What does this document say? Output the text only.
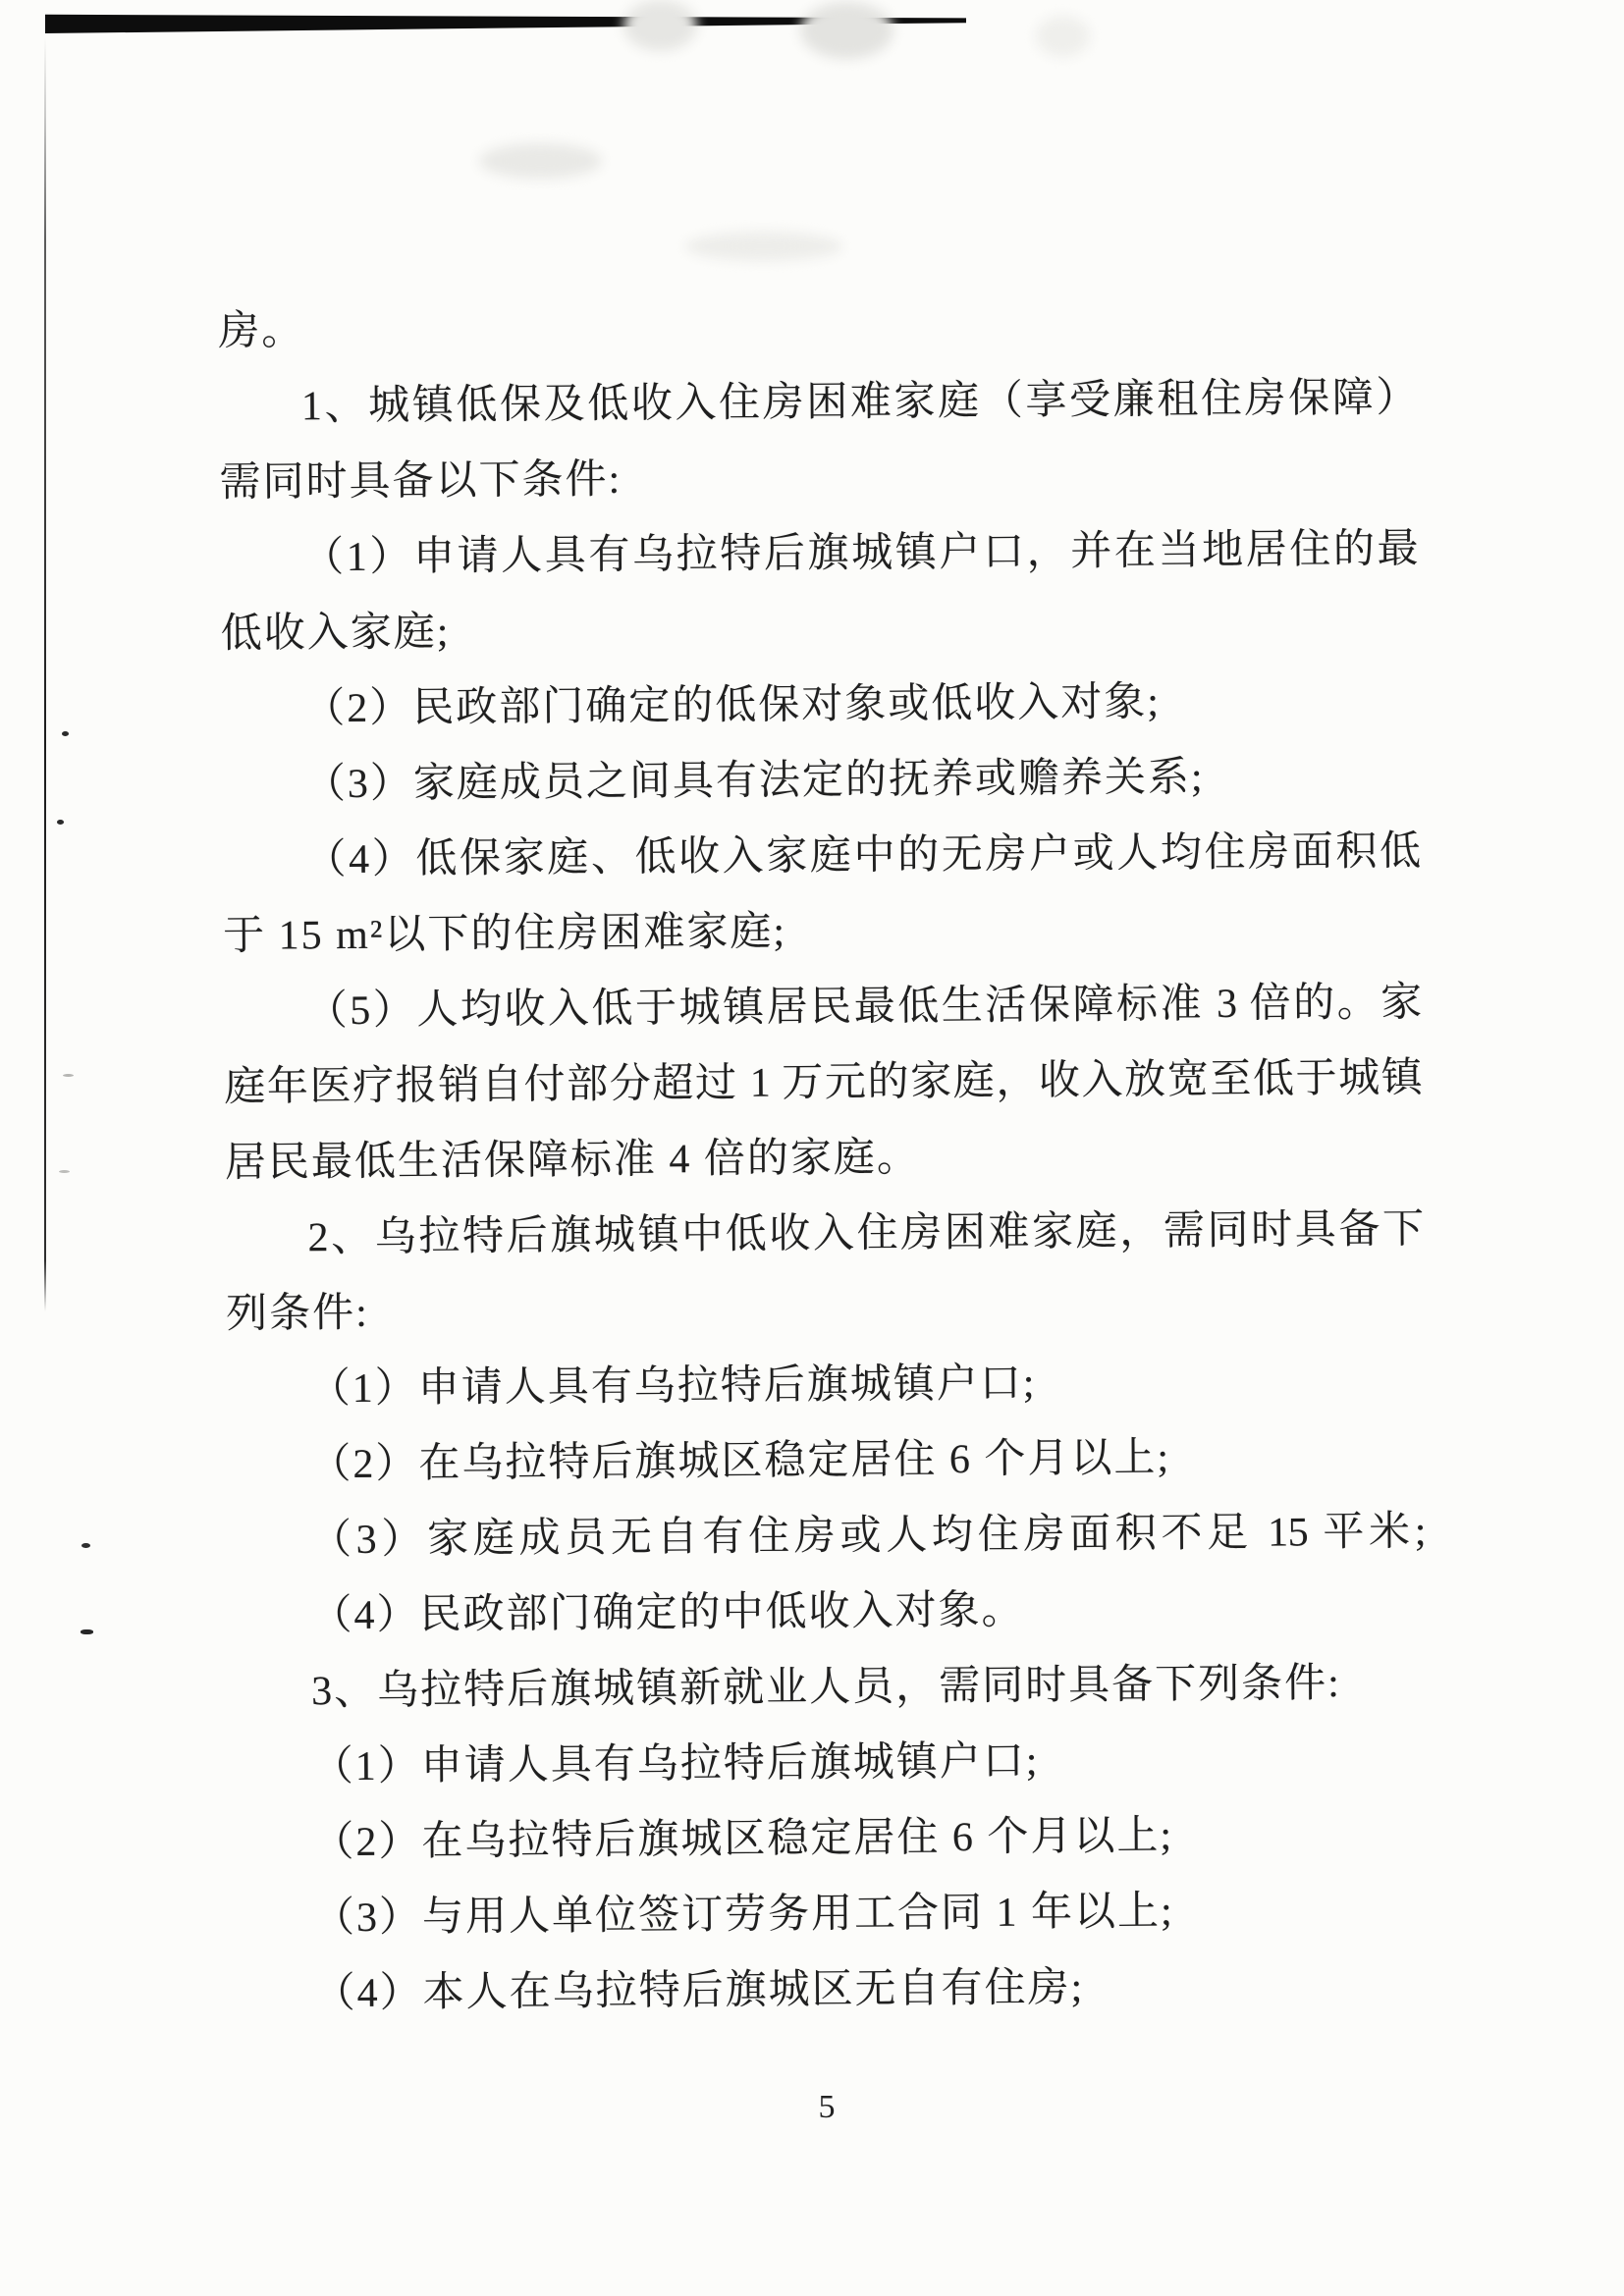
房。
1、城镇低保及低收入住房困难家庭（享受廉租住房保障）
需同时具备以下条件:
（1）申请人具有乌拉特后旗城镇户口，并在当地居住的最
低收入家庭;
（2）民政部门确定的低保对象或低收入对象;
（3）家庭成员之间具有法定的抚养或赡养关系;
（4）低保家庭、低收入家庭中的无房户或人均住房面积低
于 15 m²以下的住房困难家庭;
（5）人均收入低于城镇居民最低生活保障标准 3 倍的。家
庭年医疗报销自付部分超过 1 万元的家庭，收入放宽至低于城镇
居民最低生活保障标准 4 倍的家庭。
2、乌拉特后旗城镇中低收入住房困难家庭，需同时具备下
列条件:
（1）申请人具有乌拉特后旗城镇户口;
（2）在乌拉特后旗城区稳定居住 6 个月以上;
（3）家庭成员无自有住房或人均住房面积不足 15 平米;
（4）民政部门确定的中低收入对象。
3、乌拉特后旗城镇新就业人员，需同时具备下列条件:
（1）申请人具有乌拉特后旗城镇户口;
（2）在乌拉特后旗城区稳定居住 6 个月以上;
（3）与用人单位签订劳务用工合同 1 年以上;
（4）本人在乌拉特后旗城区无自有住房;
5
